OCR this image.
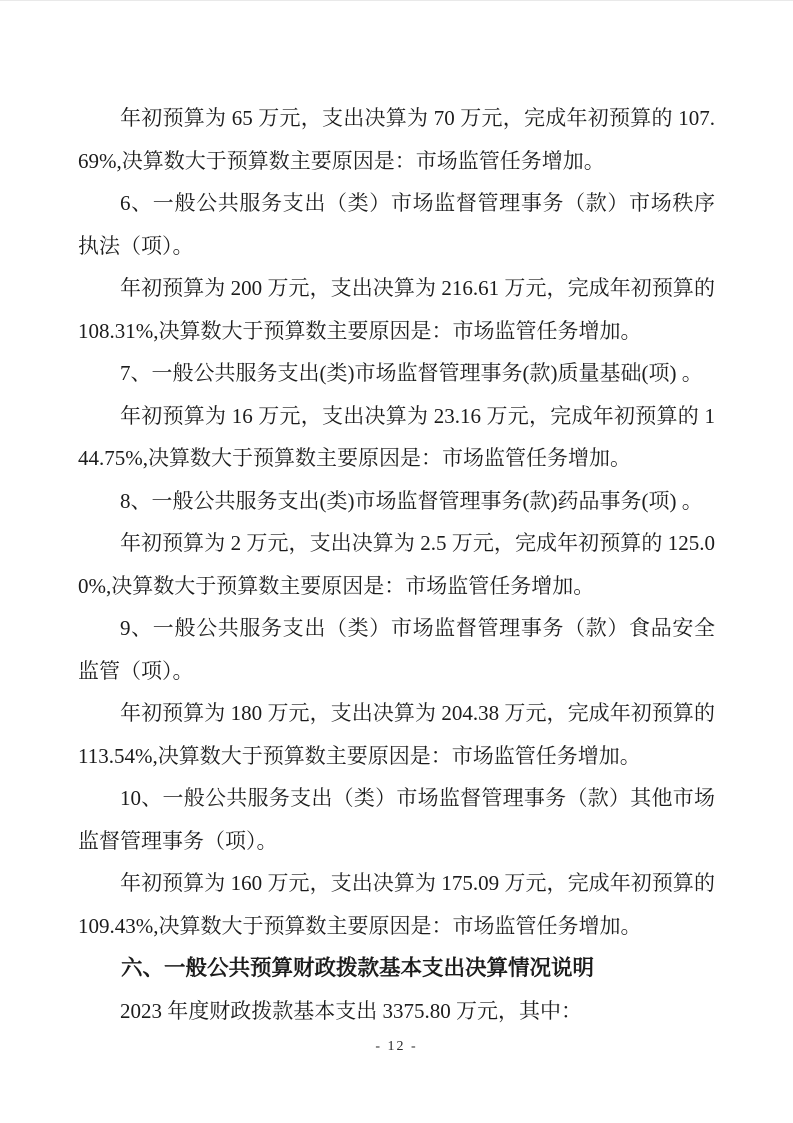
年初预算为 65 万元，支出决算为 70 万元，完成年初预算的 107.69%,决算数大于预算数主要原因是：市场监管任务增加。

6、一般公共服务支出（类）市场监督管理事务（款）市场秩序执法（项）。

年初预算为 200 万元，支出决算为 216.61 万元，完成年初预算的 108.31%,决算数大于预算数主要原因是：市场监管任务增加。

7、一般公共服务支出(类)市场监督管理事务(款)质量基础(项) 。

年初预算为 16 万元，支出决算为 23.16 万元，完成年初预算的 144.75%,决算数大于预算数主要原因是：市场监管任务增加。

8、一般公共服务支出(类)市场监督管理事务(款)药品事务(项) 。

年初预算为 2 万元，支出决算为 2.5 万元，完成年初预算的 125.00%,决算数大于预算数主要原因是：市场监管任务增加。

9、一般公共服务支出（类）市场监督管理事务（款）食品安全监管（项）。

年初预算为 180 万元，支出决算为 204.38 万元，完成年初预算的 113.54%,决算数大于预算数主要原因是：市场监管任务增加。

10、一般公共服务支出（类）市场监督管理事务（款）其他市场监督管理事务（项）。

年初预算为 160 万元，支出决算为 175.09 万元，完成年初预算的 109.43%,决算数大于预算数主要原因是：市场监管任务增加。

六、一般公共预算财政拨款基本支出决算情况说明

2023 年度财政拨款基本支出 3375.80 万元，其中：

- 12 -
